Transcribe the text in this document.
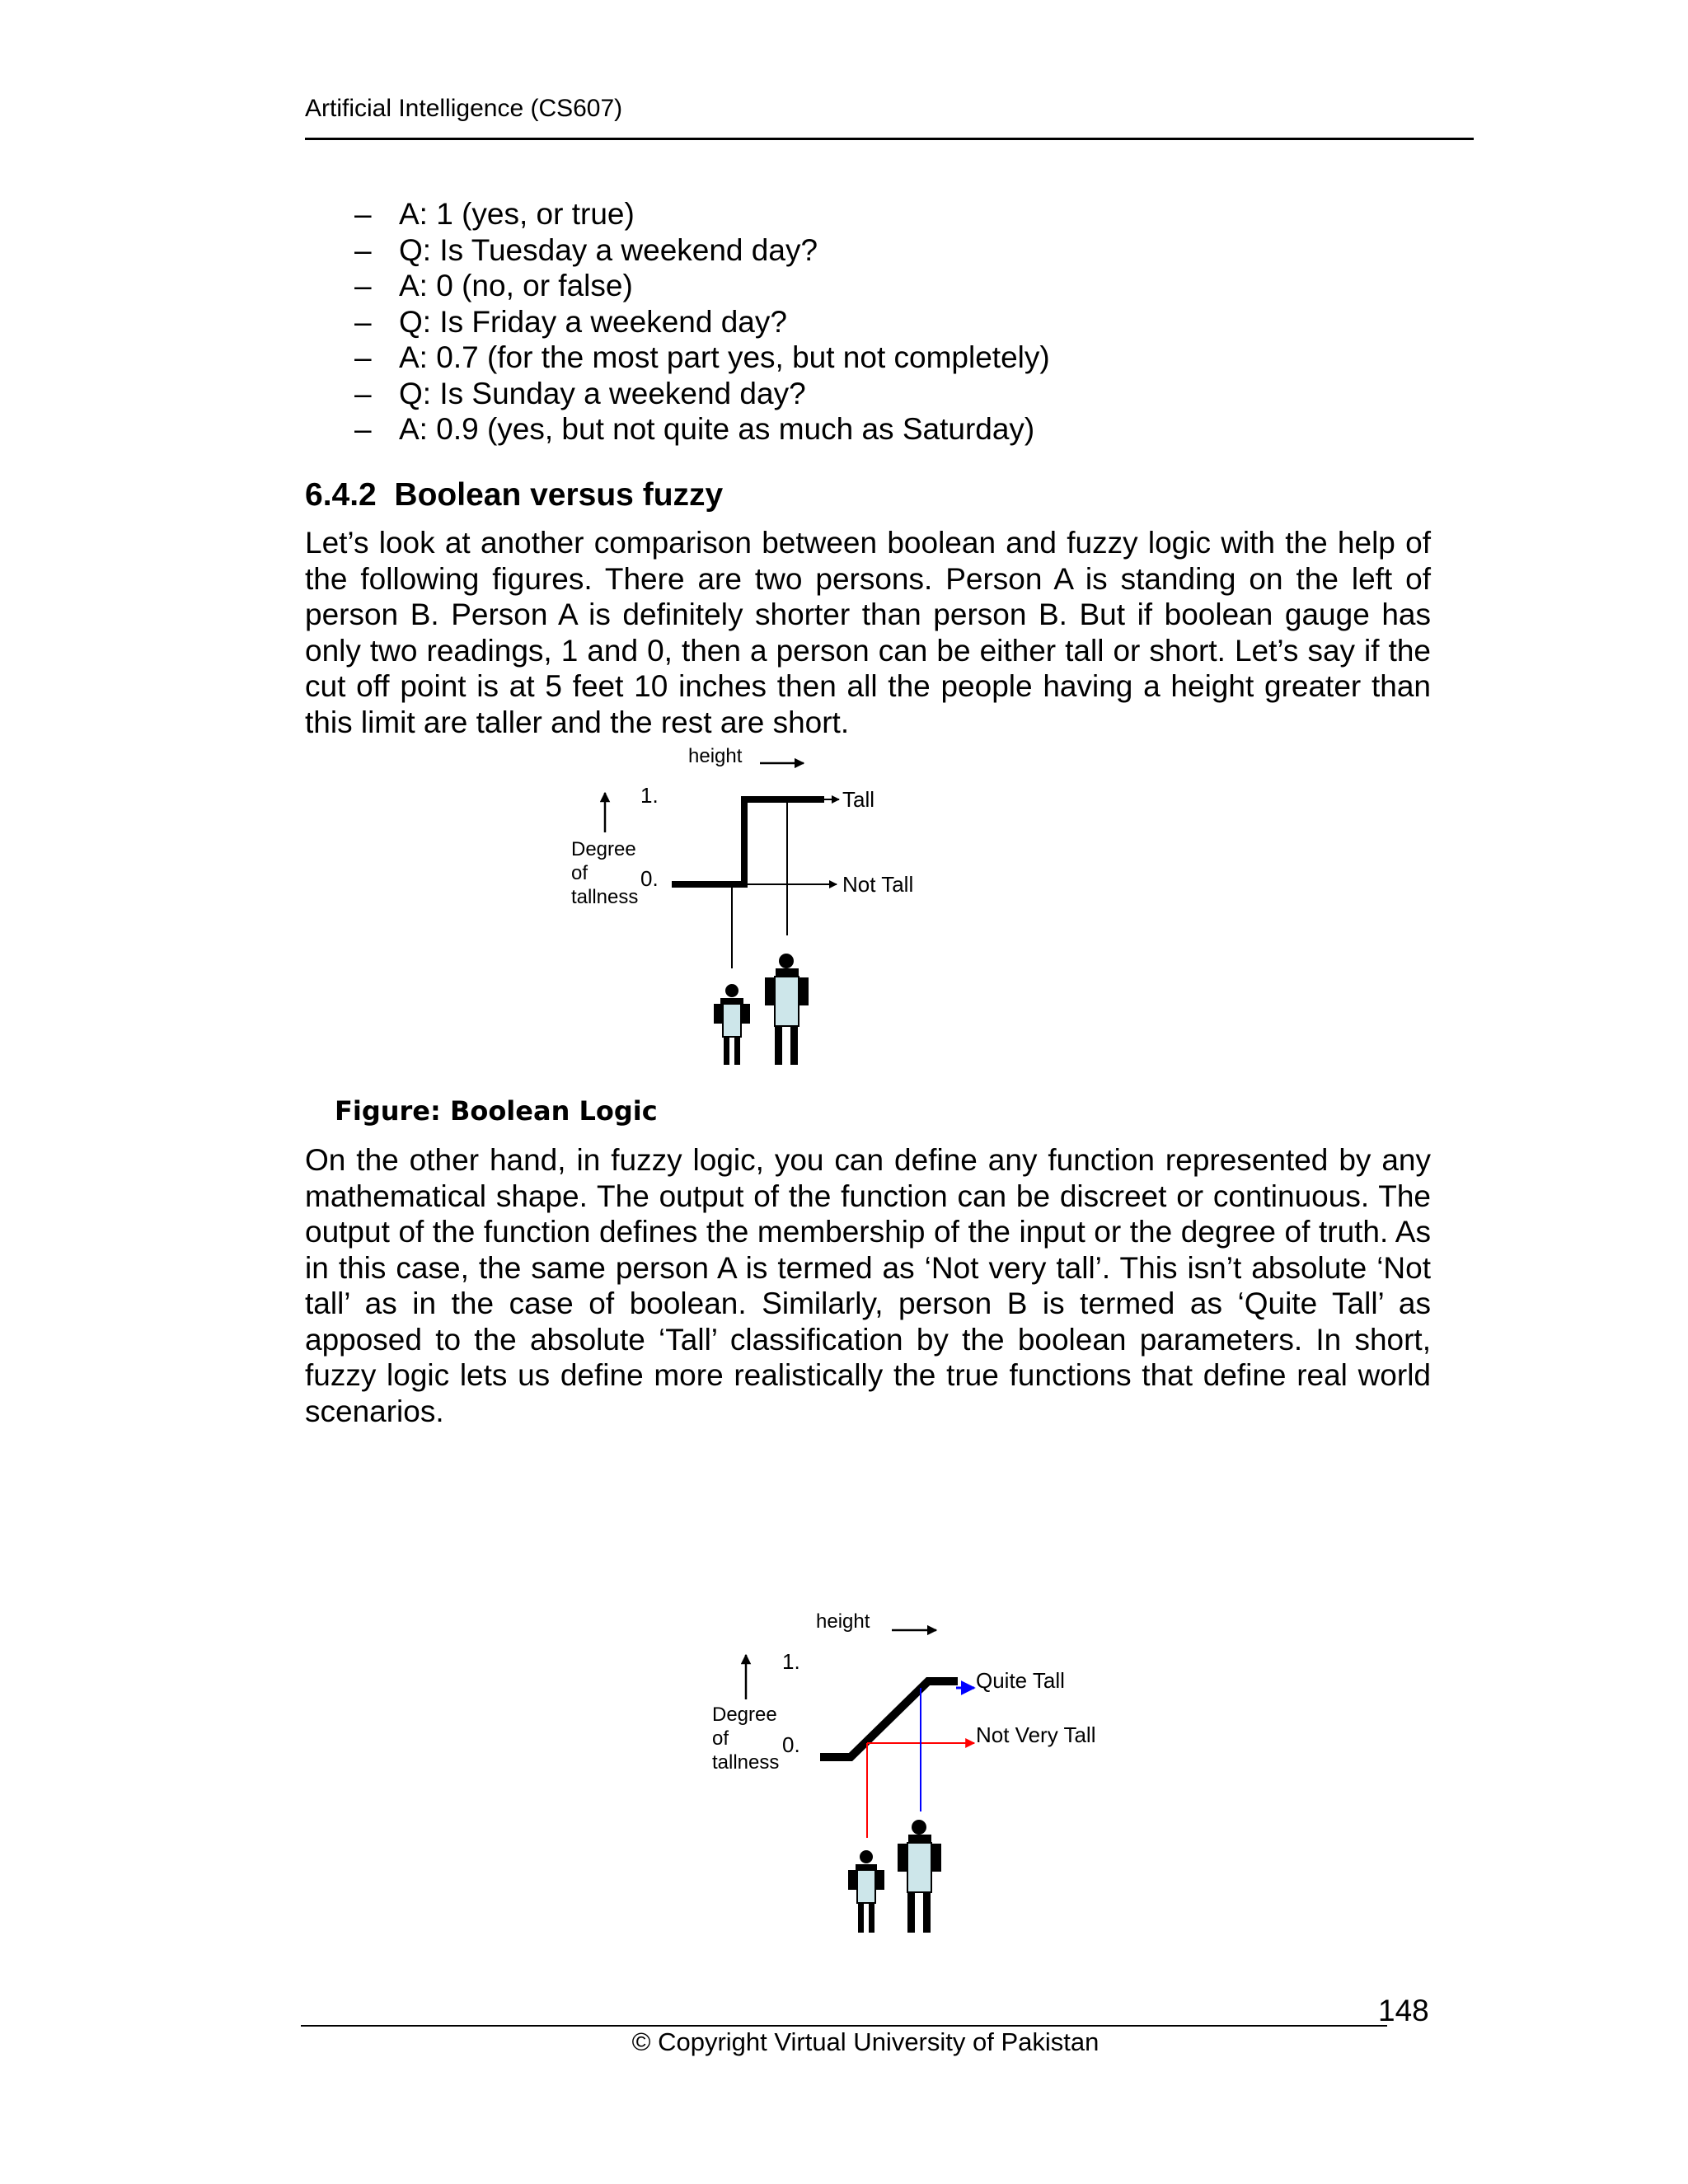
Artificial Intelligence (CS607)

– A: 1 (yes, or true)
– Q: Is Tuesday a weekend day?
– A: 0 (no, or false)
– Q: Is Friday a weekend day?
– A: 0.7 (for the most part yes, but not completely)
– Q: Is Sunday a weekend day?
– A: 0.9 (yes, but not quite as much as Saturday)
6.4.2 Boolean versus fuzzy

Let’s look at another comparison between boolean and fuzzy logic with the help of the following figures. There are two persons. Person A is standing on the left of person B. Person A is definitely shorter than person B. But if boolean gauge has only two readings, 1 and 0, then a person can be either tall or short. Let’s say if the cut off point is at 5 feet 10 inches then all the people having a height greater than this limit are taller and the rest are short.

height
1.
0.
Degree
of
tallness
Tall
Not Tall

Figure: Boolean Logic

On the other hand, in fuzzy logic, you can define any function represented by any mathematical shape. The output of the function can be discreet or continuous. The output of the function defines the membership of the input or the degree of truth. As in this case, the same person A is termed as ‘Not very tall’. This isn’t absolute ‘Not tall’ as in the case of boolean. Similarly, person B is termed as ‘Quite Tall’ as apposed to the absolute ‘Tall’ classification by the boolean parameters. In short, fuzzy logic lets us define more realistically the true functions that define real world scenarios.

height
1.
0.
Degree
of
tallness
Quite Tall
Not Very Tall

148

© Copyright Virtual University of Pakistan
